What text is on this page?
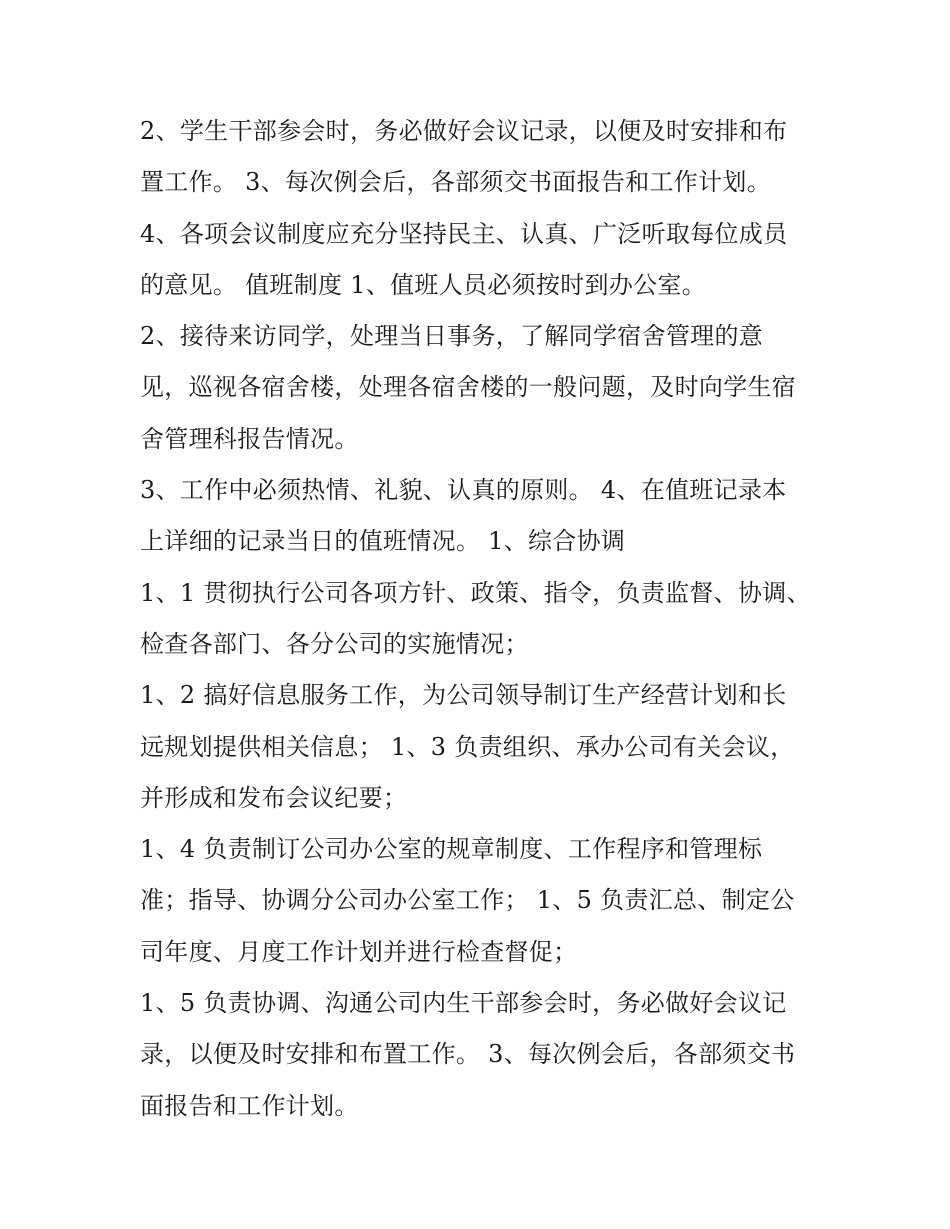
2、学生干部参会时，务必做好会议记录，以便及时安排和布
置工作。 3、每次例会后，各部须交书面报告和工作计划。
4、各项会议制度应充分坚持民主、认真、广泛听取每位成员
的意见。 值班制度 1、值班人员必须按时到办公室。
2、接待来访同学，处理当日事务，了解同学宿舍管理的意
见，巡视各宿舍楼，处理各宿舍楼的一般问题，及时向学生宿
舍管理科报告情况。
3、工作中必须热情、礼貌、认真的原则。 4、在值班记录本
上详细的记录当日的值班情况。 1、综合协调
1、1 贯彻执行公司各项方针、政策、指令，负责监督、协调、
检查各部门、各分公司的实施情况；
1、2 搞好信息服务工作，为公司领导制订生产经营计划和长
远规划提供相关信息； 1、3 负责组织、承办公司有关会议，
并形成和发布会议纪要；
1、4 负责制订公司办公室的规章制度、工作程序和管理标
准；指导、协调分公司办公室工作； 1、5 负责汇总、制定公
司年度、月度工作计划并进行检查督促；
1、5 负责协调、沟通公司内生干部参会时，务必做好会议记
录，以便及时安排和布置工作。 3、每次例会后，各部须交书
面报告和工作计划。
